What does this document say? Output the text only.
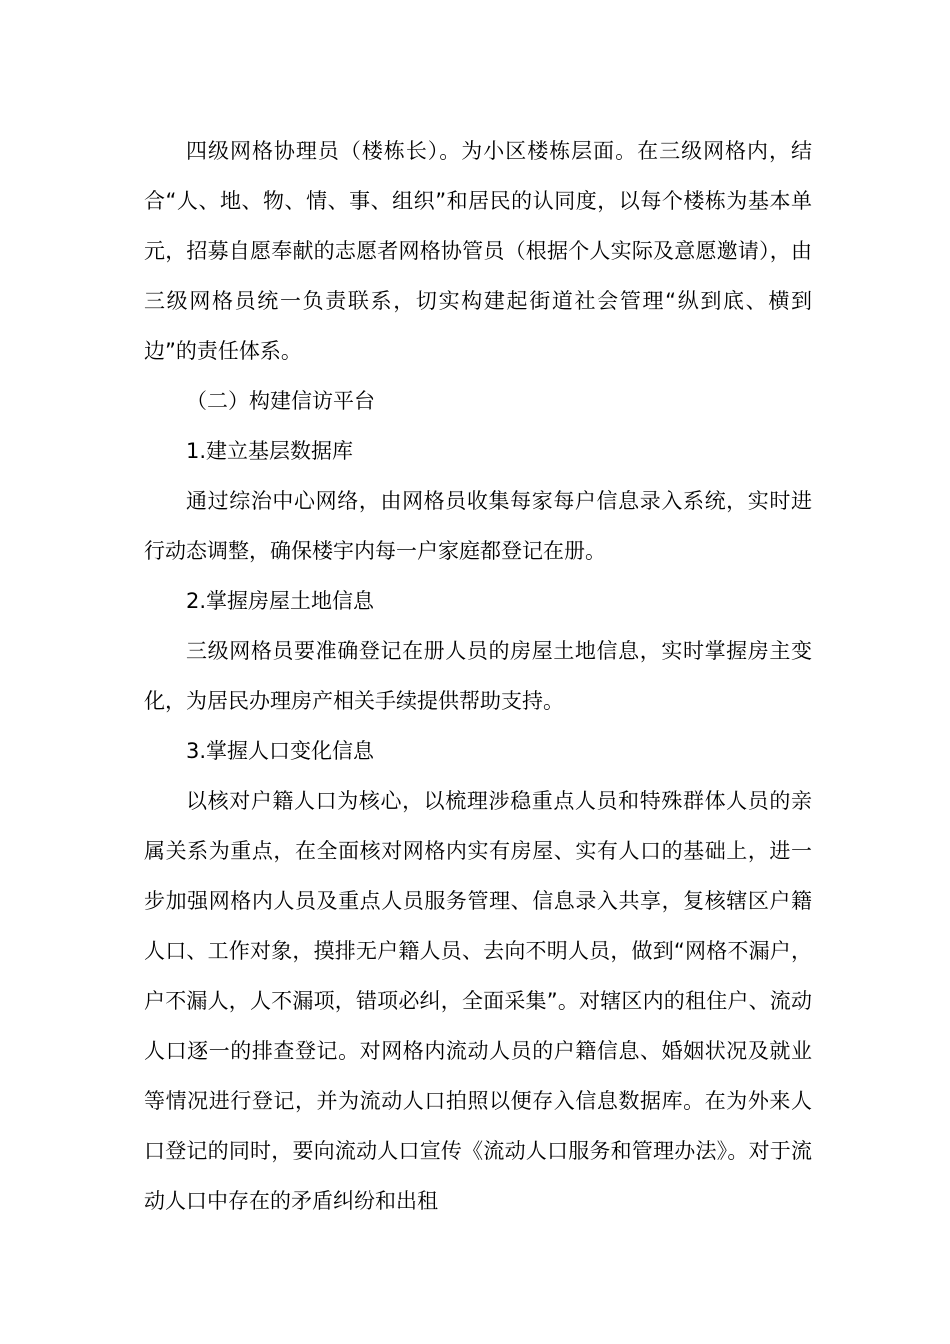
四级网格协理员（楼栋长）。为小区楼栋层面。在三级网格内，结合“人、地、物、情、事、组织”和居民的认同度，以每个楼栋为基本单元，招募自愿奉献的志愿者网格协管员（根据个人实际及意愿邀请），由三级网格员统一负责联系，切实构建起街道社会管理“纵到底、横到边”的责任体系。

（二）构建信访平台

1.建立基层数据库

通过综治中心网络，由网格员收集每家每户信息录入系统，实时进行动态调整，确保楼宇内每一户家庭都登记在册。

2.掌握房屋土地信息

三级网格员要准确登记在册人员的房屋土地信息，实时掌握房主变化，为居民办理房产相关手续提供帮助支持。

3.掌握人口变化信息

以核对户籍人口为核心，以梳理涉稳重点人员和特殊群体人员的亲属关系为重点，在全面核对网格内实有房屋、实有人口的基础上，进一步加强网格内人员及重点人员服务管理、信息录入共享，复核辖区户籍人口、工作对象，摸排无户籍人员、去向不明人员，做到“网格不漏户，户不漏人，人不漏项，错项必纠，全面采集”。对辖区内的租住户、流动人口逐一的排查登记。对网格内流动人员的户籍信息、婚姻状况及就业等情况进行登记，并为流动人口拍照以便存入信息数据库。在为外来人口登记的同时，要向流动人口宣传《流动人口服务和管理办法》。对于流动人口中存在的矛盾纠纷和出租
